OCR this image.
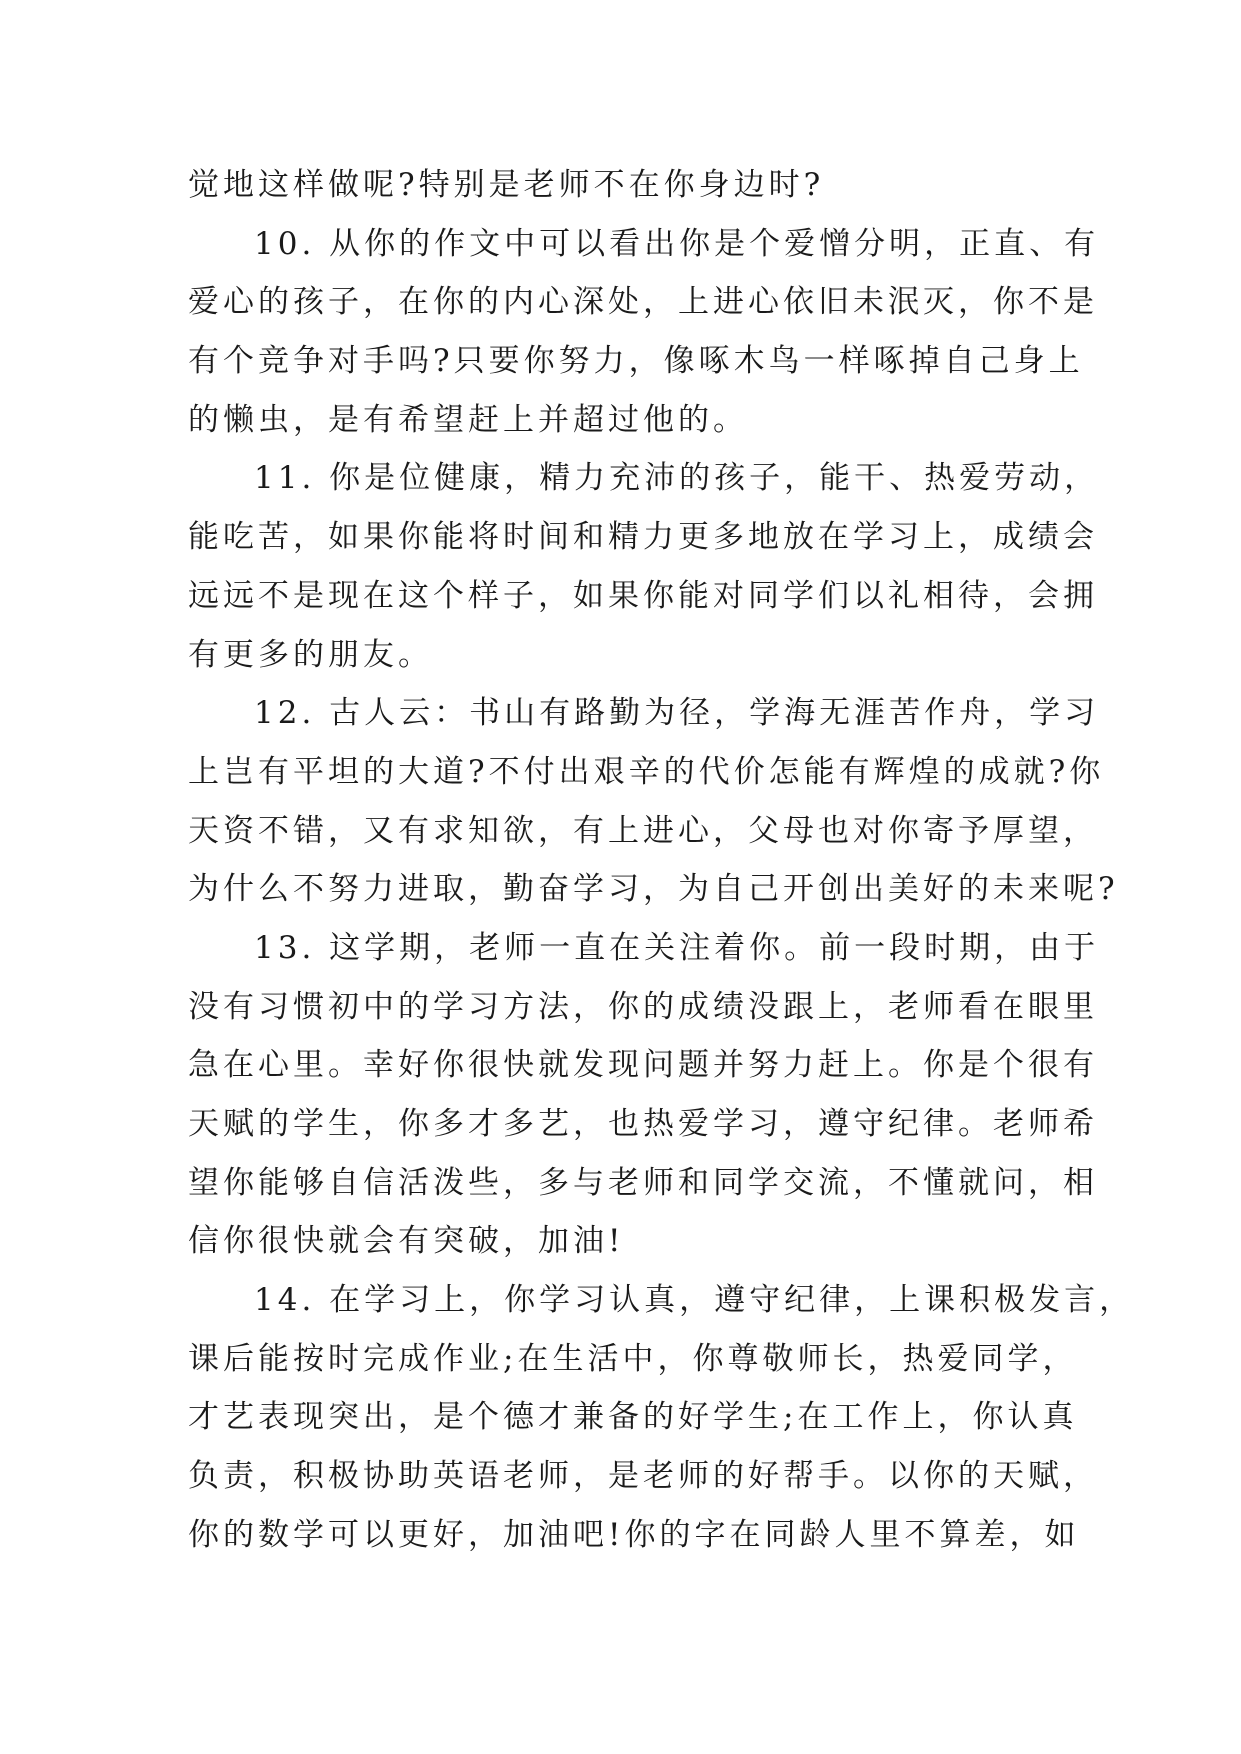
觉地这样做呢?特别是老师不在你身边时?
10. 从你的作文中可以看出你是个爱憎分明，正直、有
爱心的孩子，在你的内心深处，上进心依旧未泯灭，你不是
有个竞争对手吗?只要你努力，像啄木鸟一样啄掉自己身上
的懒虫，是有希望赶上并超过他的。
11. 你是位健康，精力充沛的孩子，能干、热爱劳动，
能吃苦，如果你能将时间和精力更多地放在学习上，成绩会
远远不是现在这个样子，如果你能对同学们以礼相待，会拥
有更多的朋友。
12. 古人云：书山有路勤为径，学海无涯苦作舟，学习
上岂有平坦的大道?不付出艰辛的代价怎能有辉煌的成就?你
天资不错，又有求知欲，有上进心，父母也对你寄予厚望，
为什么不努力进取，勤奋学习，为自己开创出美好的未来呢?
13. 这学期，老师一直在关注着你。前一段时期，由于
没有习惯初中的学习方法，你的成绩没跟上，老师看在眼里
急在心里。幸好你很快就发现问题并努力赶上。你是个很有
天赋的学生，你多才多艺，也热爱学习，遵守纪律。老师希
望你能够自信活泼些，多与老师和同学交流，不懂就问，相
信你很快就会有突破，加油!
14. 在学习上，你学习认真，遵守纪律，上课积极发言，
课后能按时完成作业;在生活中，你尊敬师长，热爱同学，
才艺表现突出，是个德才兼备的好学生;在工作上，你认真
负责，积极协助英语老师，是老师的好帮手。以你的天赋，
你的数学可以更好，加油吧!你的字在同龄人里不算差，如
